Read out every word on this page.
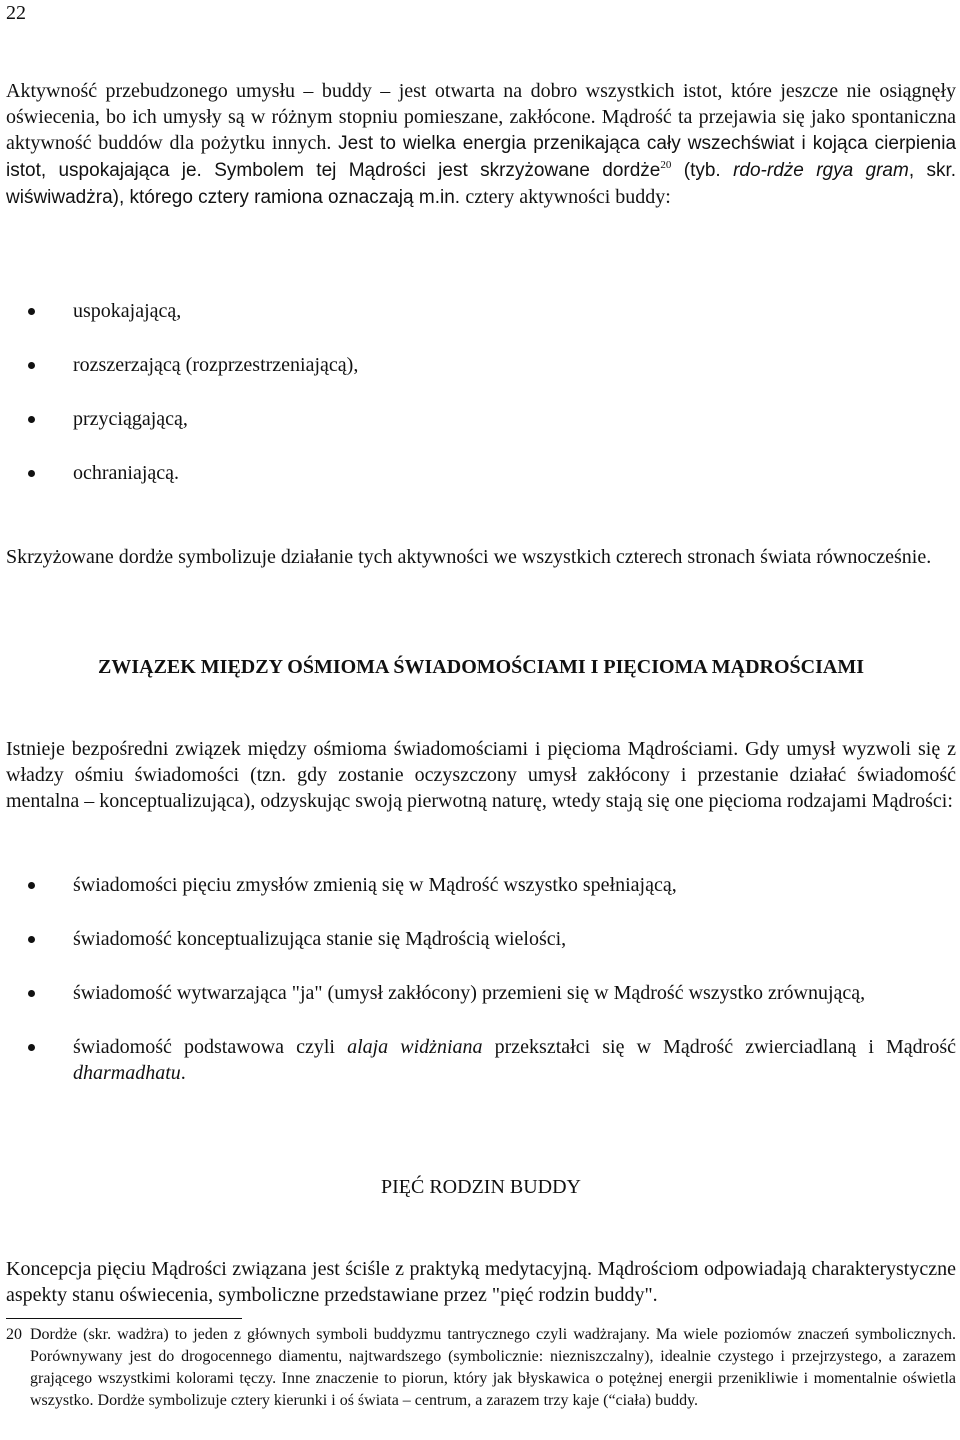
22

Aktywność przebudzonego umysłu – buddy – jest otwarta na dobro wszystkich istot, które jeszcze nie osiągnęły oświecenia, bo ich umysły są w różnym stopniu pomieszane, zakłócone. Mądrość ta przejawia się jako spontaniczna aktywność buddów dla pożytku innych. Jest to wielka energia przenikająca cały wszechświat i kojąca cierpienia istot, uspokajająca je. Symbolem tej Mądrości jest skrzyżowane dordże$^{20}$ (tyb. rdo-rdże rgya gram, skr. wiświwadżra), którego cztery ramiona oznaczają m.in. cztery aktywności buddy:

uspokajającą,
rozszerzającą (rozprzestrzeniającą),
przyciągającą,
ochraniającą.

Skrzyżowane dordże symbolizuje działanie tych aktywności we wszystkich czterech stronach świata równocześnie.

ZWIĄZEK MIĘDZY OŚMIOMA ŚWIADOMOŚCIAMI I PIĘCIOMA MĄDROŚCIAMI

Istnieje bezpośredni związek między ośmioma świadomościami i pięcioma Mądrościami. Gdy umysł wyzwoli się z władzy ośmiu świadomości (tzn. gdy zostanie oczyszczony umysł zakłócony i przestanie działać świadomość mentalna – konceptualizująca), odzyskując swoją pierwotną naturę, wtedy stają się one pięcioma rodzajami Mądrości:

świadomości pięciu zmysłów zmienią się w Mądrość wszystko spełniającą,
świadomość konceptualizująca stanie się Mądrością wielości,
świadomość wytwarzająca "ja" (umysł zakłócony) przemieni się w Mądrość wszystko zrównującą,
świadomość podstawowa czyli alaja widżniana przekształci się w Mądrość zwierciadlaną i Mądrość dharmadhatu.
PIĘĆ RODZIN BUDDY

Koncepcja pięciu Mądrości związana jest ściśle z praktyką medytacyjną. Mądrościom odpowiadają charakterystyczne aspekty stanu oświecenia, symboliczne przedstawiane przez "pięć rodzin buddy".

20 Dordże (skr. wadżra) to jeden z głównych symboli buddyzmu tantrycznego czyli wadżrajany. Ma wiele poziomów znaczeń symbolicznych. Porównywany jest do drogocennego diamentu, najtwardszego (symbolicznie: niezniszczalny), idealnie czystego i przejrzystego, a zarazem grającego wszystkimi kolorami tęczy. Inne znaczenie to piorun, który jak błyskawica o potężnej energii przenikliwie i momentalnie oświetla wszystko. Dordże symbolizuje cztery kierunki i oś świata – centrum, a zarazem trzy kaje (“ciała) buddy.
